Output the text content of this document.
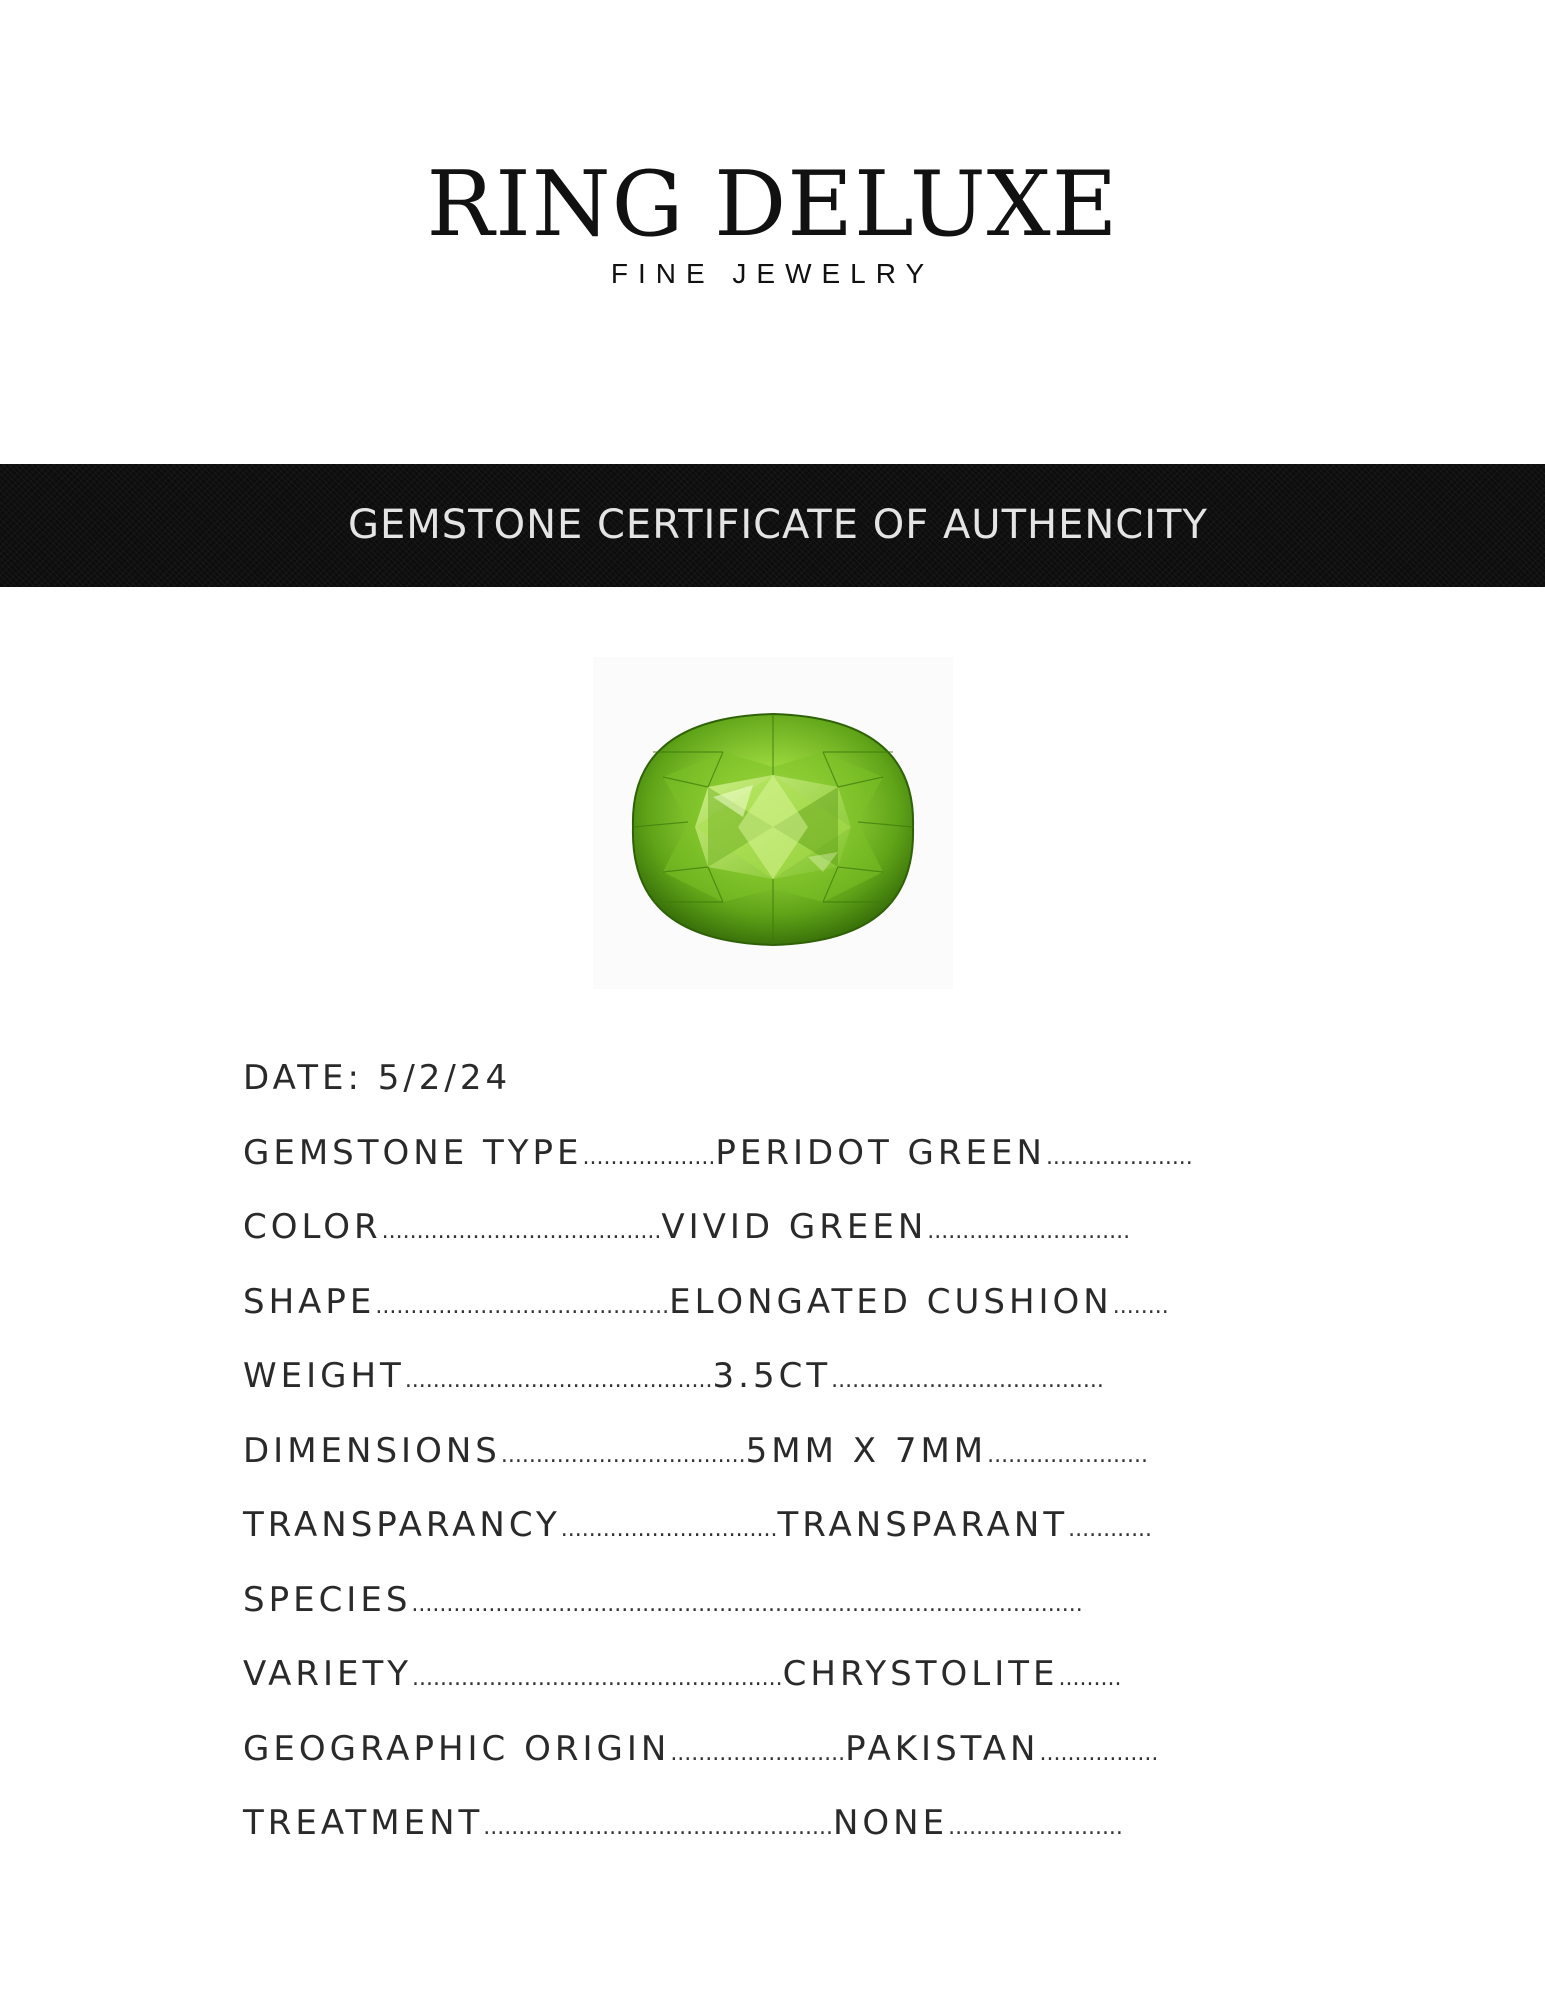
RING DELUXE
FINE JEWELRY
GEMSTONE CERTIFICATE OF AUTHENCITY
DATE: 5/2/24
GEMSTONE TYPE...................PERIDOT GREEN.....................
COLOR........................................VIVID GREEN.............................
SHAPE..........................................ELONGATED CUSHION........
WEIGHT............................................3.5CT.......................................
DIMENSIONS...................................5MM X 7MM.......................
TRANSPARANCY...............................TRANSPARANT............
SPECIES................................................................................................
VARIETY.....................................................CHRYSTOLITE.........
GEOGRAPHIC ORIGIN.........................PAKISTAN.................
TREATMENT..................................................NONE.........................
